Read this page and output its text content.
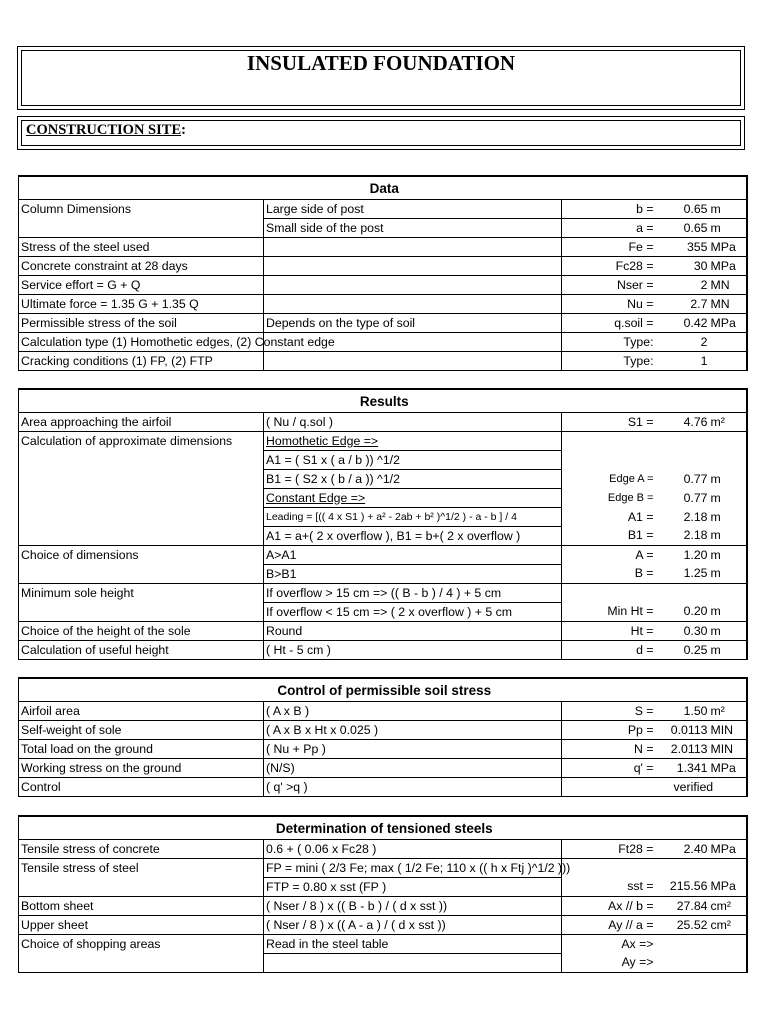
INSULATED FOUNDATION
CONSTRUCTION SITE:
Data			
Column Dimensions	Large side of post	b =	0.65 m
	Small side of the post	a =	0.65 m
Stress of the steel used		Fe =	355 MPa
Concrete constraint at 28 days		Fc28 =	30 MPa
Service effort = G + Q		Nser =	2 MN
Ultimate force = 1.35 G + 1.35 Q		Nu =	2.7 MN
Permissible stress of the soil	Depends on the type of soil	q.soil =	0.42 MPa
Calculation type (1) Homothetic edges, (2) Constant edge		Type:	2
Cracking conditions (1) FP, (2) FTP		Type:	1
Results			
Area approaching the airfoil	( Nu / q.sol )	S1 =	4.76 m²
Calculation of approximate dimensions	Homothetic Edge =>		
	A1 = ( S1 x ( a / b )) ^1/2		
	B1 = ( S2 x ( b / a )) ^1/2	Edge A =	0.77 m
	Constant Edge =>	Edge B =	0.77 m
	Leading = [(( 4 x S1 ) + a² - 2ab + b² )^1/2 ) - a - b ] / 4	A1 =	2.18 m
	A1 = a+( 2 x overflow ), B1 = b+( 2 x overflow )	B1 =	2.18 m
Choice of dimensions	A>A1	A =	1.20 m
	B>B1	B =	1.25 m
Minimum sole height	If overflow > 15 cm => (( B - b ) / 4 ) + 5 cm		
	If overflow < 15 cm => ( 2 x overflow ) + 5 cm	Min Ht =	0.20 m
Choice of the height of the sole	Round	Ht =	0.30 m
Calculation of useful height	( Ht - 5 cm )	d =	0.25 m
Control of permissible soil stress			
Airfoil area	( A x B )	S =	1.50 m²
Self-weight of sole	( A x B x Ht x 0.025 )	Pp =	0.0113 MIN
Total load on the ground	( Nu + Pp )	N =	2.0113 MIN
Working stress on the ground	(N/S)	q' =	1.341 MPa
Control	( q' >q )		verified
Determination of tensioned steels			
Tensile stress of concrete	0.6 + ( 0.06 x Fc28 )	Ft28 =	2.40 MPa
Tensile stress of steel	FP = mini ( 2/3 Fe; max ( 1/2 Fe; 110 x (( h x Ftj )^1/2 )))		
	FTP = 0.80 x sst (FP )	sst =	215.56 MPa
Bottom sheet	( Nser / 8 ) x (( B - b ) / ( d x sst ))	Ax // b =	27.84 cm²
Upper sheet	( Nser / 8 ) x (( A - a ) / ( d x sst ))	Ay // a =	25.52 cm²
Choice of shopping areas	Read in the steel table	Ax =>	
		Ay =>	
